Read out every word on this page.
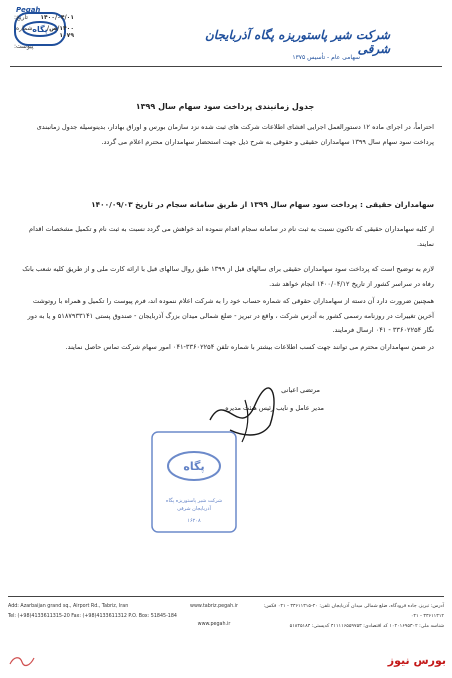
پگاه
Pegah
شرکت شیر پاستوریزه پگاه آذربایجان شرقی
سهامی عام - تأسیس ۱۳۷۵
۱۴۰۰/۰۴/۰۱
تاریخ:
۱۴۰۰/ص/۱۰۷۹
شماره:
پیوست:
جدول زمانبندی پرداخت سود سهام سال ۱۳۹۹
احتراماً، در اجرای ماده ۱۲ دستورالعمل اجرایی افشای اطلاعات شرکت های ثبت شده نزد سازمان بورس و اوراق بهادار، بدینوسیله جدول زمانبندی پرداخت سود سهام سال ۱۳۹۹ سهامداران حقیقی و حقوقی به شرح ذیل جهت استحضار سهامداران محترم اعلام می گردد.
سهامداران حقیقی : پرداخت سود سهام سال ۱۳۹۹ از طریق سامانه سجام در تاریخ ۱۴۰۰/۰۹/۰۳
از کلیه سهامداران حقیقی که تاکنون نسبت به ثبت نام در سامانه سجام اقدام ننموده اند خواهش می گردد نسبت به ثبت نام و تکمیل مشخصات اقدام نمایند.
لازم به توضیح است که پرداخت سود سهامداران حقیقی برای سالهای قبل از ۱۳۹۹ طبق روال سالهای قبل با ارائه کارت ملی و از طریق کلیه شعب بانک رفاه در سراسر کشور از تاریخ ۱۴۰۰/۰۴/۱۲ انجام خواهد شد.
همچنین ضرورت دارد آن دسته از سهامداران حقوقی که شماره حساب خود را به شرکت اعلام ننموده اند، فرم پیوست را تکمیل و همراه با روتوشت آخرین تغییرات در روزنامه رسمی کشور به آدرس شرکت ، واقع در تبریز - ضلع شمالی میدان بزرگ آذربایجان - صندوق پستی ۵۱۸۷۹۳۳۱۴۱ و یا به دور نگار ۳۳۶۰۲۲۵۴ - ۰۴۱ ارسال فرمایند.
در ضمن سهامداران محترم می توانند جهت کسب اطلاعات بیشتر با شماره تلفن ۳۳۶۰۲۲۵۴-۰۴۱ امور سهام شرکت تماس حاصل نمایند.
مرتضی اعیانی
مدیر عامل و نایب رئیس هیئت مدیره
پگاه
شرکت شیر پاستوریزه پگاه
آذربایجان شرقی
۱۶۲۰۸
Add: Azarbaijan grand sq., Airport Rd., Tabriz, Iran
Tel: (+98)4133611315-20 Fax: (+98)4133611312 P.O. Box: 51845-184
www.tabriz.pegah.ir
www.pegah.ir
آدرس: تبریز، جاده فرودگاه، ضلع شمالی میدان آذربایجان تلفن: ۲۰-۳۳۶۱۱۳۱۵ - ۰۴۱ فکس: ۳۳۶۱۱۳۱۲ - ۰۴۱
شناسه ملی: ۱۰۲۰۱۶۹۵۳۰۲ کد اقتصادی: ۴۱۱۱۱۶۵۵۹۷۵۳ کدپستی: ۵۱۸۴۵۱۸۴
بورس نیوز
